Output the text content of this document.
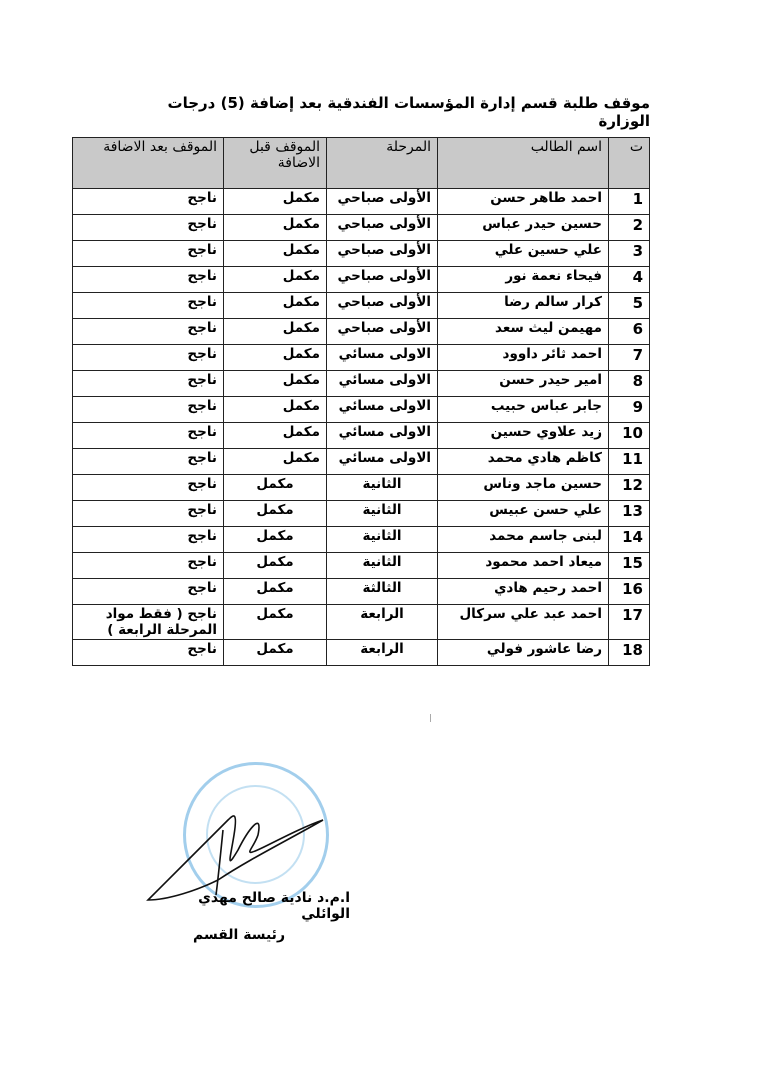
موقف طلبة قسم إدارة المؤسسات الفندقية بعد إضافة (5) درجات الوزارة
ت	اسم الطالب	المرحلة	الموقف قبل الاضافة	الموقف بعد الاضافة
1	احمد طاهر حسن	الأولى صباحي	مكمل	ناجح
2	حسين حيدر عباس	الأولى صباحي	مكمل	ناجح
3	علي حسين علي	الأولى صباحي	مكمل	ناجح
4	فيحاء نعمة نور	الأولى صباحي	مكمل	ناجح
5	كرار سالم رضا	الأولى صباحي	مكمل	ناجح
6	مهيمن ليث سعد	الأولى صباحي	مكمل	ناجح
7	احمد ثائر داوود	الاولى مسائي	مكمل	ناجح
8	امير حيدر حسن	الاولى مسائي	مكمل	ناجح
9	جابر عباس حبيب	الاولى مسائي	مكمل	ناجح
10	زيد علاوي حسين	الاولى مسائي	مكمل	ناجح
11	كاظم هادي محمد	الاولى مسائي	مكمل	ناجح
12	حسين ماجد وناس	الثانية	مكمل	ناجح
13	علي حسن عبيس	الثانية	مكمل	ناجح
14	لبنى جاسم محمد	الثانية	مكمل	ناجح
15	ميعاد احمد محمود	الثانية	مكمل	ناجح
16	احمد رحيم هادي	الثالثة	مكمل	ناجح
17	احمد عبد علي سركال	الرابعة	مكمل	ناجح ( فقط مواد المرحلة الرابعة )
18	رضا عاشور فولي	الرابعة	مكمل	ناجح
ا.م.د نادية صالح مهدي الوائلي
رئيسة القسم
